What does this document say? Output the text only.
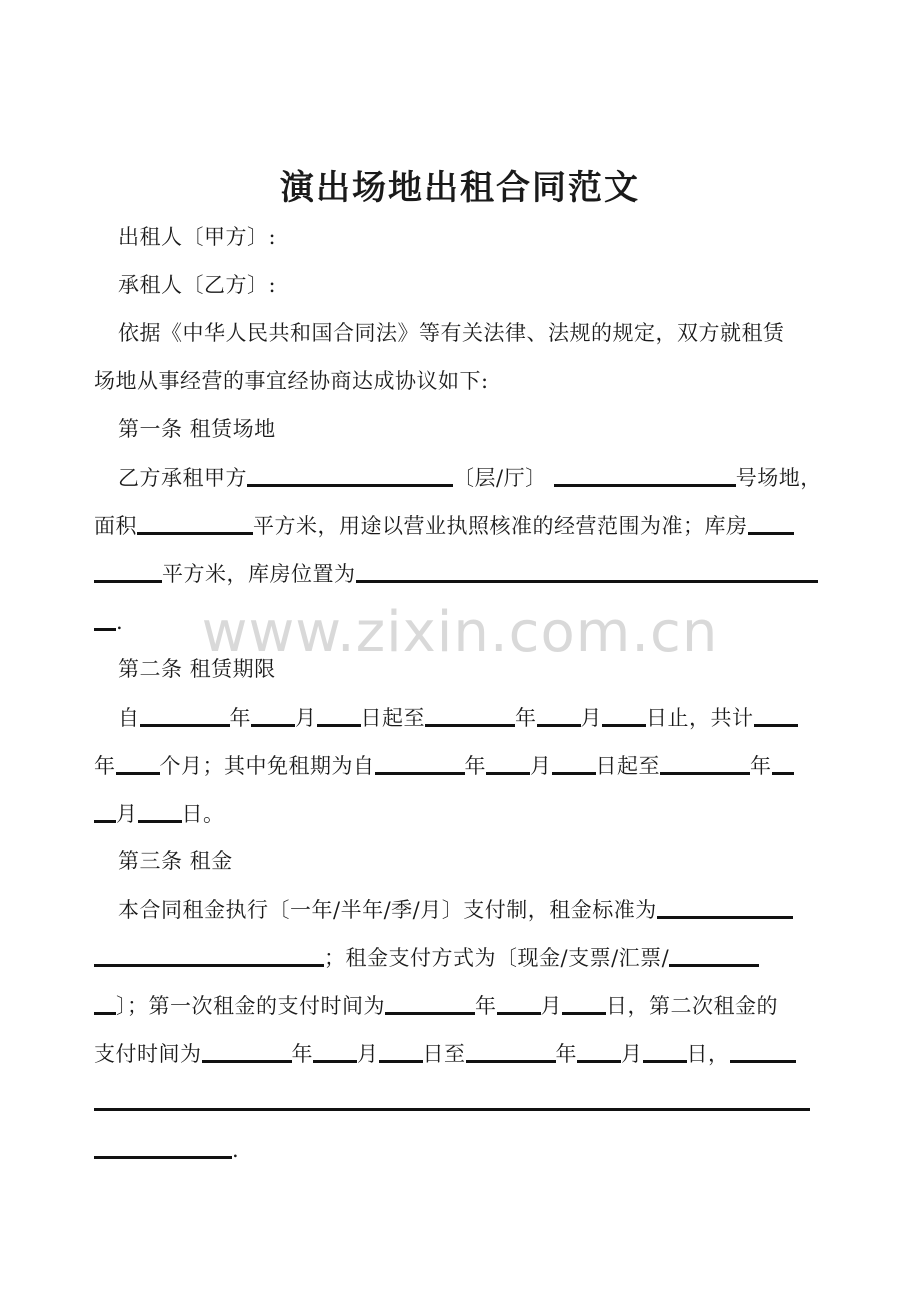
演出场地出租合同范文
www.zixin.com.cn
出租人〔甲方〕:
承租人〔乙方〕:
依据《中华人民共和国合同法》等有关法律、法规的规定，双方就租赁
场地从事经营的事宜经协商达成协议如下:
第一条 租赁场地
乙方承租甲方	〔层/厅〕	号场地，
面积	平方米，用途以营业执照核准的经营范围为准；库房
平方米，库房位置为
.
第二条 租赁期限
自	年 月 日起至	年 月 日止，共计
年 个月；其中免租期为自	年 月 日起至	年
月 日。
第三条 租金
本合同租金执行〔一年/半年/季/月〕支付制，租金标准为
；租金支付方式为〔现金/支票/汇票/
〕；第一次租金的支付时间为	年 月 日，第二次租金的
支付时间为	年 月 日至	年 月 日，
.
